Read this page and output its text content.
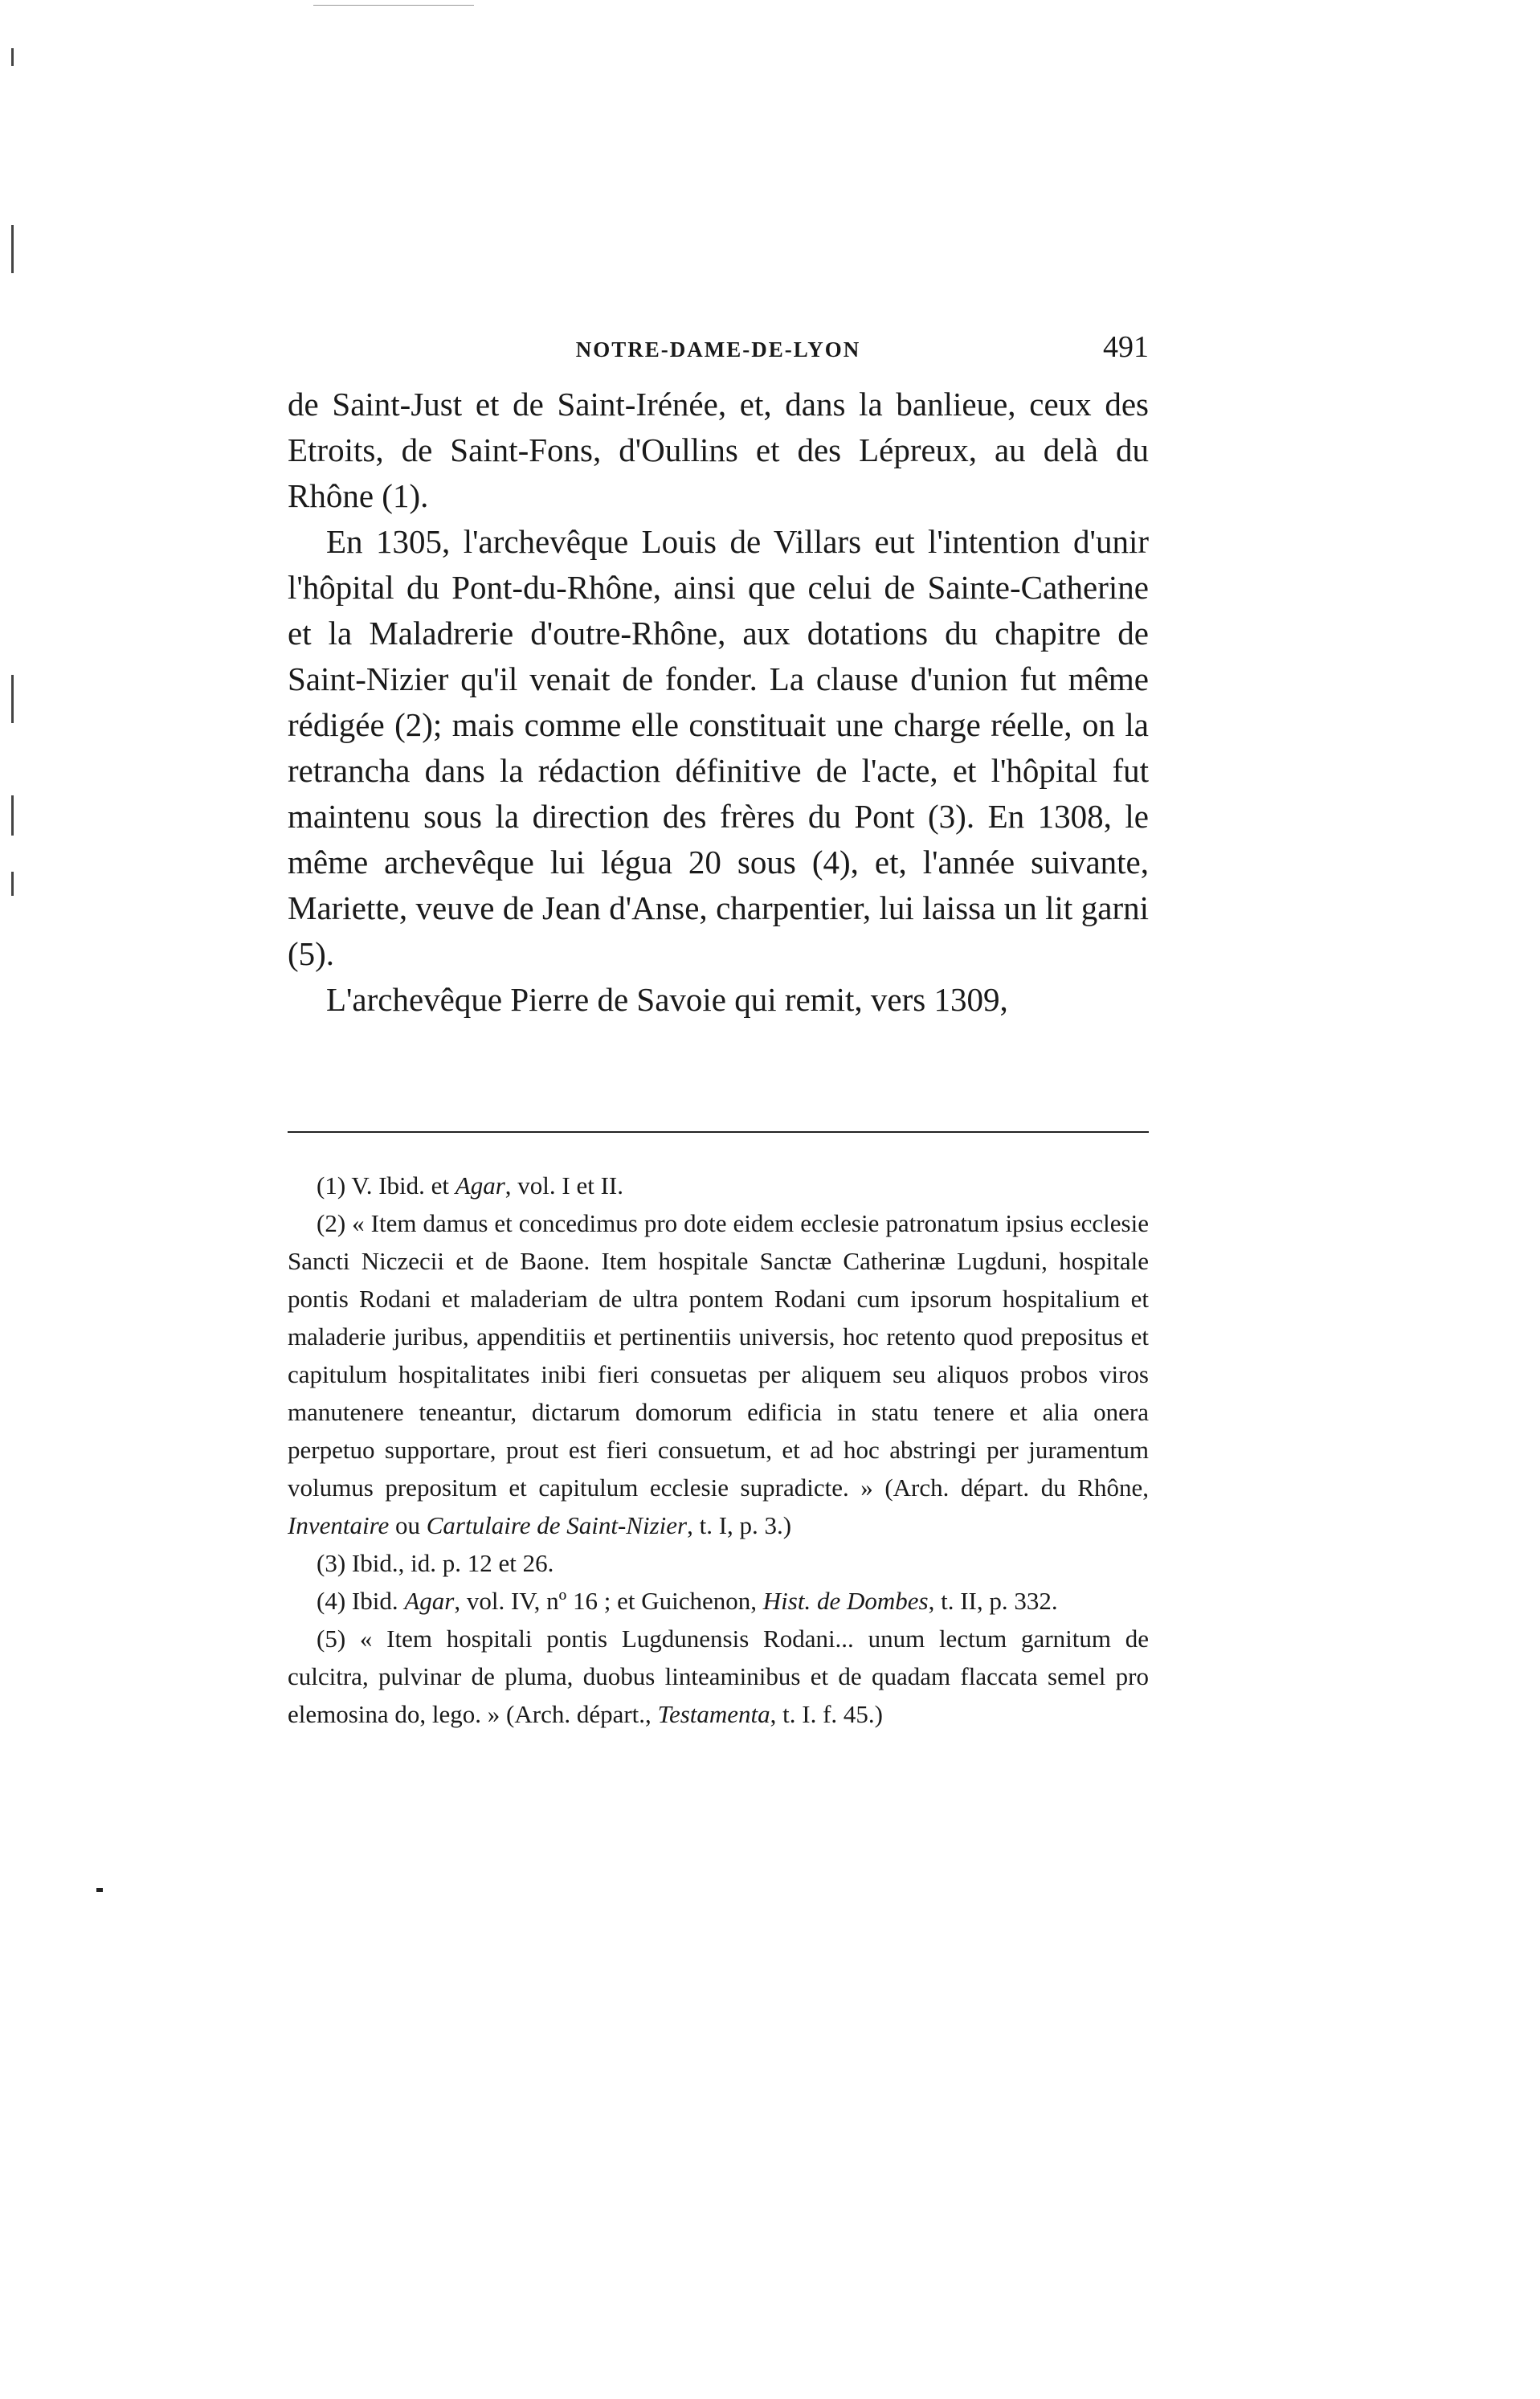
NOTRE-DAME-DE-LYON	491

de Saint-Just et de Saint-Irénée, et, dans la banlieue, ceux des Etroits, de Saint-Fons, d'Oullins et des Lépreux, au delà du Rhône (1).

En 1305, l'archevêque Louis de Villars eut l'intention d'unir l'hôpital du Pont-du-Rhône, ainsi que celui de Sainte-Catherine et la Maladrerie d'outre-Rhône, aux dotations du chapitre de Saint-Nizier qu'il venait de fonder. La clause d'union fut même rédigée (2); mais comme elle constituait une charge réelle, on la retrancha dans la rédaction définitive de l'acte, et l'hôpital fut maintenu sous la direction des frères du Pont (3). En 1308, le même archevêque lui légua 20 sous (4), et, l'année suivante, Mariette, veuve de Jean d'Anse, charpentier, lui laissa un lit garni (5).

L'archevêque Pierre de Savoie qui remit, vers 1309,

(1) V. Ibid. et Agar, vol. I et II.

(2) « Item damus et concedimus pro dote eidem ecclesie patronatum ipsius ecclesie Sancti Niczecii et de Baone. Item hospitale Sanctæ Catherinæ Lugduni, hospitale pontis Rodani et maladeriam de ultra pontem Rodani cum ipsorum hospitalium et maladerie juribus, appenditiis et pertinentiis universis, hoc retento quod prepositus et capitulum hospitalitates inibi fieri consuetas per aliquem seu aliquos probos viros manutenere teneantur, dictarum domorum edificia in statu tenere et alia onera perpetuo supportare, prout est fieri consuetum, et ad hoc abstringi per juramentum volumus prepositum et capitulum ecclesie supradicte. » (Arch. départ. du Rhône, Inventaire ou Cartulaire de Saint-Nizier, t. I, p. 3.)

(3) Ibid., id. p. 12 et 26.

(4) Ibid. Agar, vol. IV, nº 16 ; et Guichenon, Hist. de Dombes, t. II, p. 332.

(5) « Item hospitali pontis Lugdunensis Rodani... unum lectum garnitum de culcitra, pulvinar de pluma, duobus linteaminibus et de quadam flaccata semel pro elemosina do, lego. » (Arch. départ., Testamenta, t. I. f. 45.)
